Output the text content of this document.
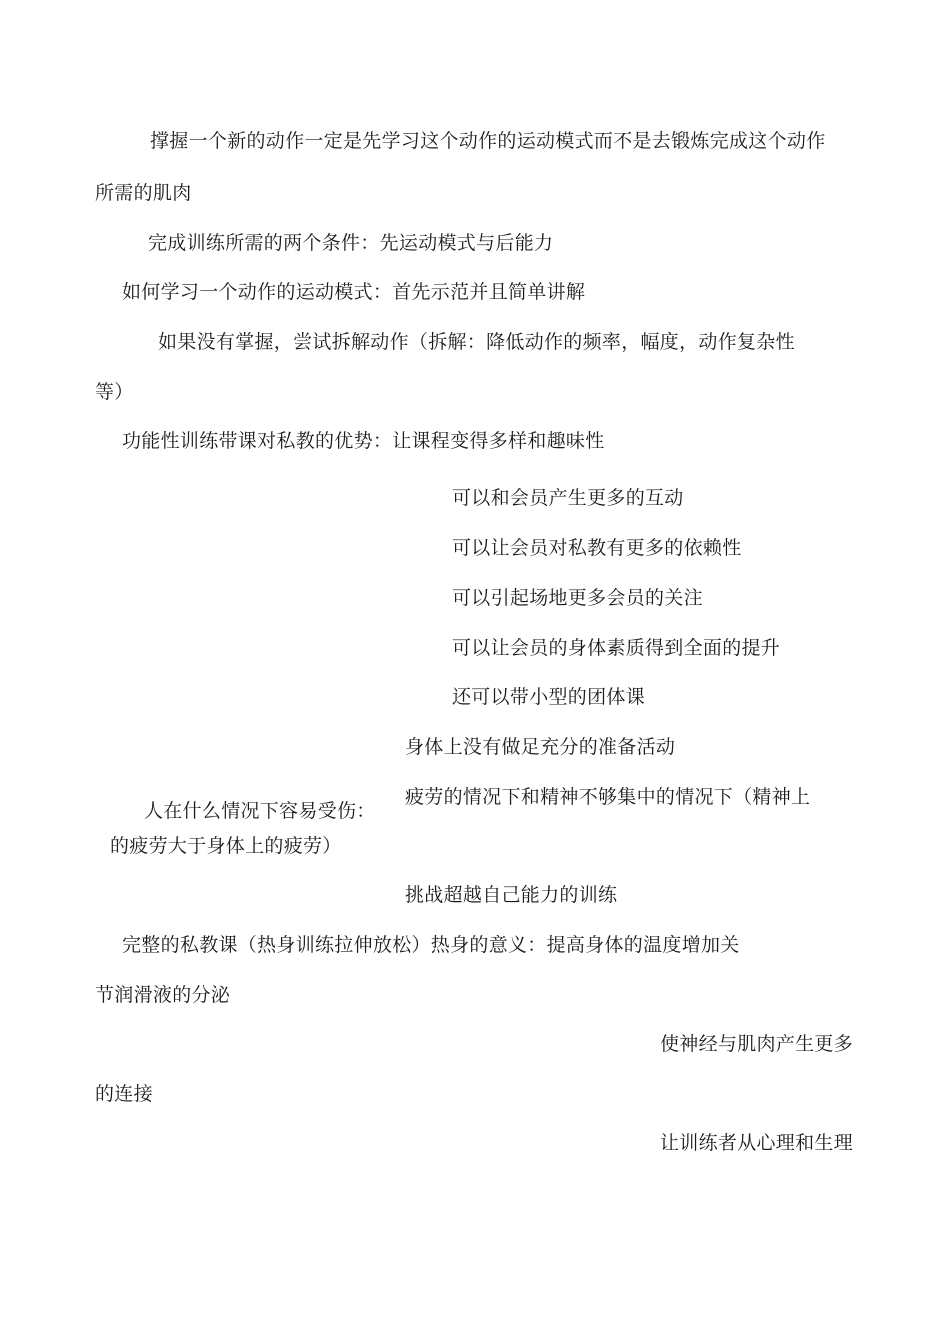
撑握一个新的动作一定是先学习这个动作的运动模式而不是去锻炼完成这个动作
所需的肌肉
完成训练所需的两个条件：先运动模式与后能力
如何学习一个动作的运动模式：首先示范并且简单讲解
如果没有掌握，尝试拆解动作（拆解：降低动作的频率，幅度，动作复杂性
等）
功能性训练带课对私教的优势：让课程变得多样和趣味性
可以和会员产生更多的互动
可以让会员对私教有更多的依赖性
可以引起场地更多会员的关注
可以让会员的身体素质得到全面的提升
还可以带小型的团体课
身体上没有做足充分的准备活动
疲劳的情况下和精神不够集中的情况下（精神上
人在什么情况下容易受伤：
的疲劳大于身体上的疲劳）
挑战超越自己能力的训练
完整的私教课（热身训练拉伸放松）热身的意义：提高身体的温度增加关
节润滑液的分泌
使神经与肌肉产生更多
的连接
让训练者从心理和生理
